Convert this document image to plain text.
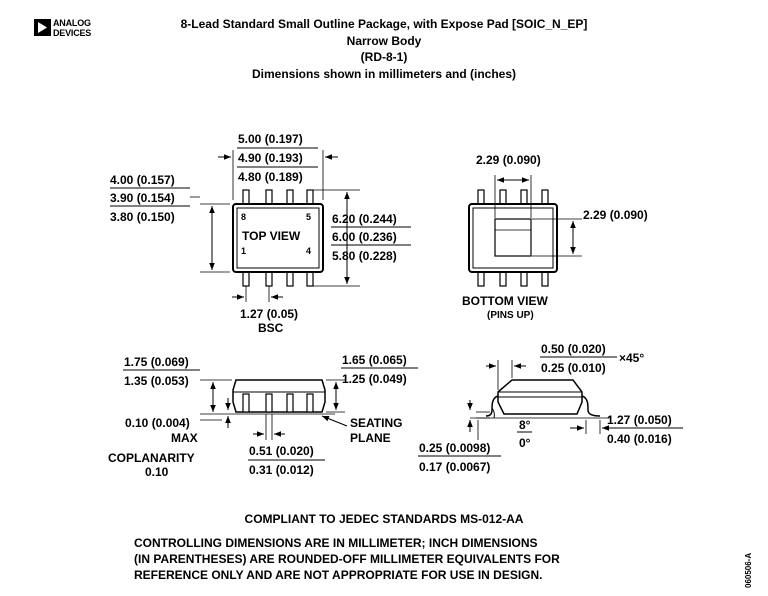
ANALOG
DEVICES
8-Lead Standard Small Outline Package, with Expose Pad [SOIC_N_EP]
Narrow Body
(RD-8-1)
Dimensions shown in millimeters and (inches)
5.00 (0.197)
4.90 (0.193)
4.80 (0.189)
4.00 (0.157)
3.90 (0.154)
3.80 (0.150)	6.20 (0.244)
6.00 (0.236)
5.80 (0.228)
TOP VIEW
8	5
1	4
1.27 (0.05)
BSC
2.29 (0.090)
2.29 (0.090)
BOTTOM VIEW
(PINS UP)
1.75 (0.069)
1.35 (0.053)
1.65 (0.065)
1.25 (0.049)
0.10 (0.004)
MAX
COPLANARITY
0.10
0.51 (0.020)
0.31 (0.012)
SEATING
PLANE
0.50 (0.020)
0.25 (0.010)
×45°
8°
0°
0.25 (0.0098)
0.17 (0.0067)
1.27 (0.050)
0.40 (0.016)
COMPLIANT TO JEDEC STANDARDS MS-012-AA
CONTROLLING DIMENSIONS ARE IN MILLIMETER; INCH DIMENSIONS
(IN PARENTHESES) ARE ROUNDED-OFF MILLIMETER EQUIVALENTS FOR
REFERENCE ONLY AND ARE NOT APPROPRIATE FOR USE IN DESIGN.	060506-A
